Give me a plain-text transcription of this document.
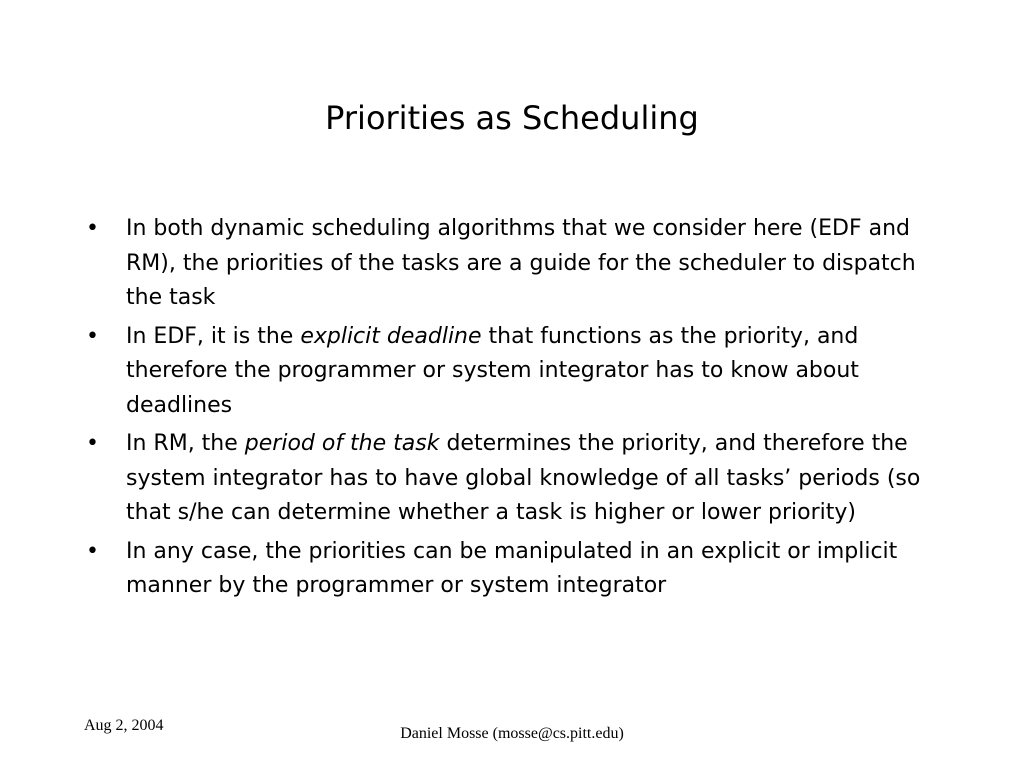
Priorities as Scheduling
•	In both dynamic scheduling algorithms that we consider here (EDF and RM), the priorities of the tasks are a guide for the scheduler to dispatch the task
•	In EDF, it is the explicit deadline that functions as the priority, and therefore the programmer or system integrator has to know about deadlines
•	In RM, the period of the task determines the priority, and therefore the system integrator has to have global knowledge of all tasks’ periods (so that s/he can determine whether a task is higher or lower priority)
•	In any case, the priorities can be manipulated in an explicit or implicit manner by the programmer or system integrator
Aug 2, 2004	Daniel Mosse (mosse@cs.pitt.edu)
